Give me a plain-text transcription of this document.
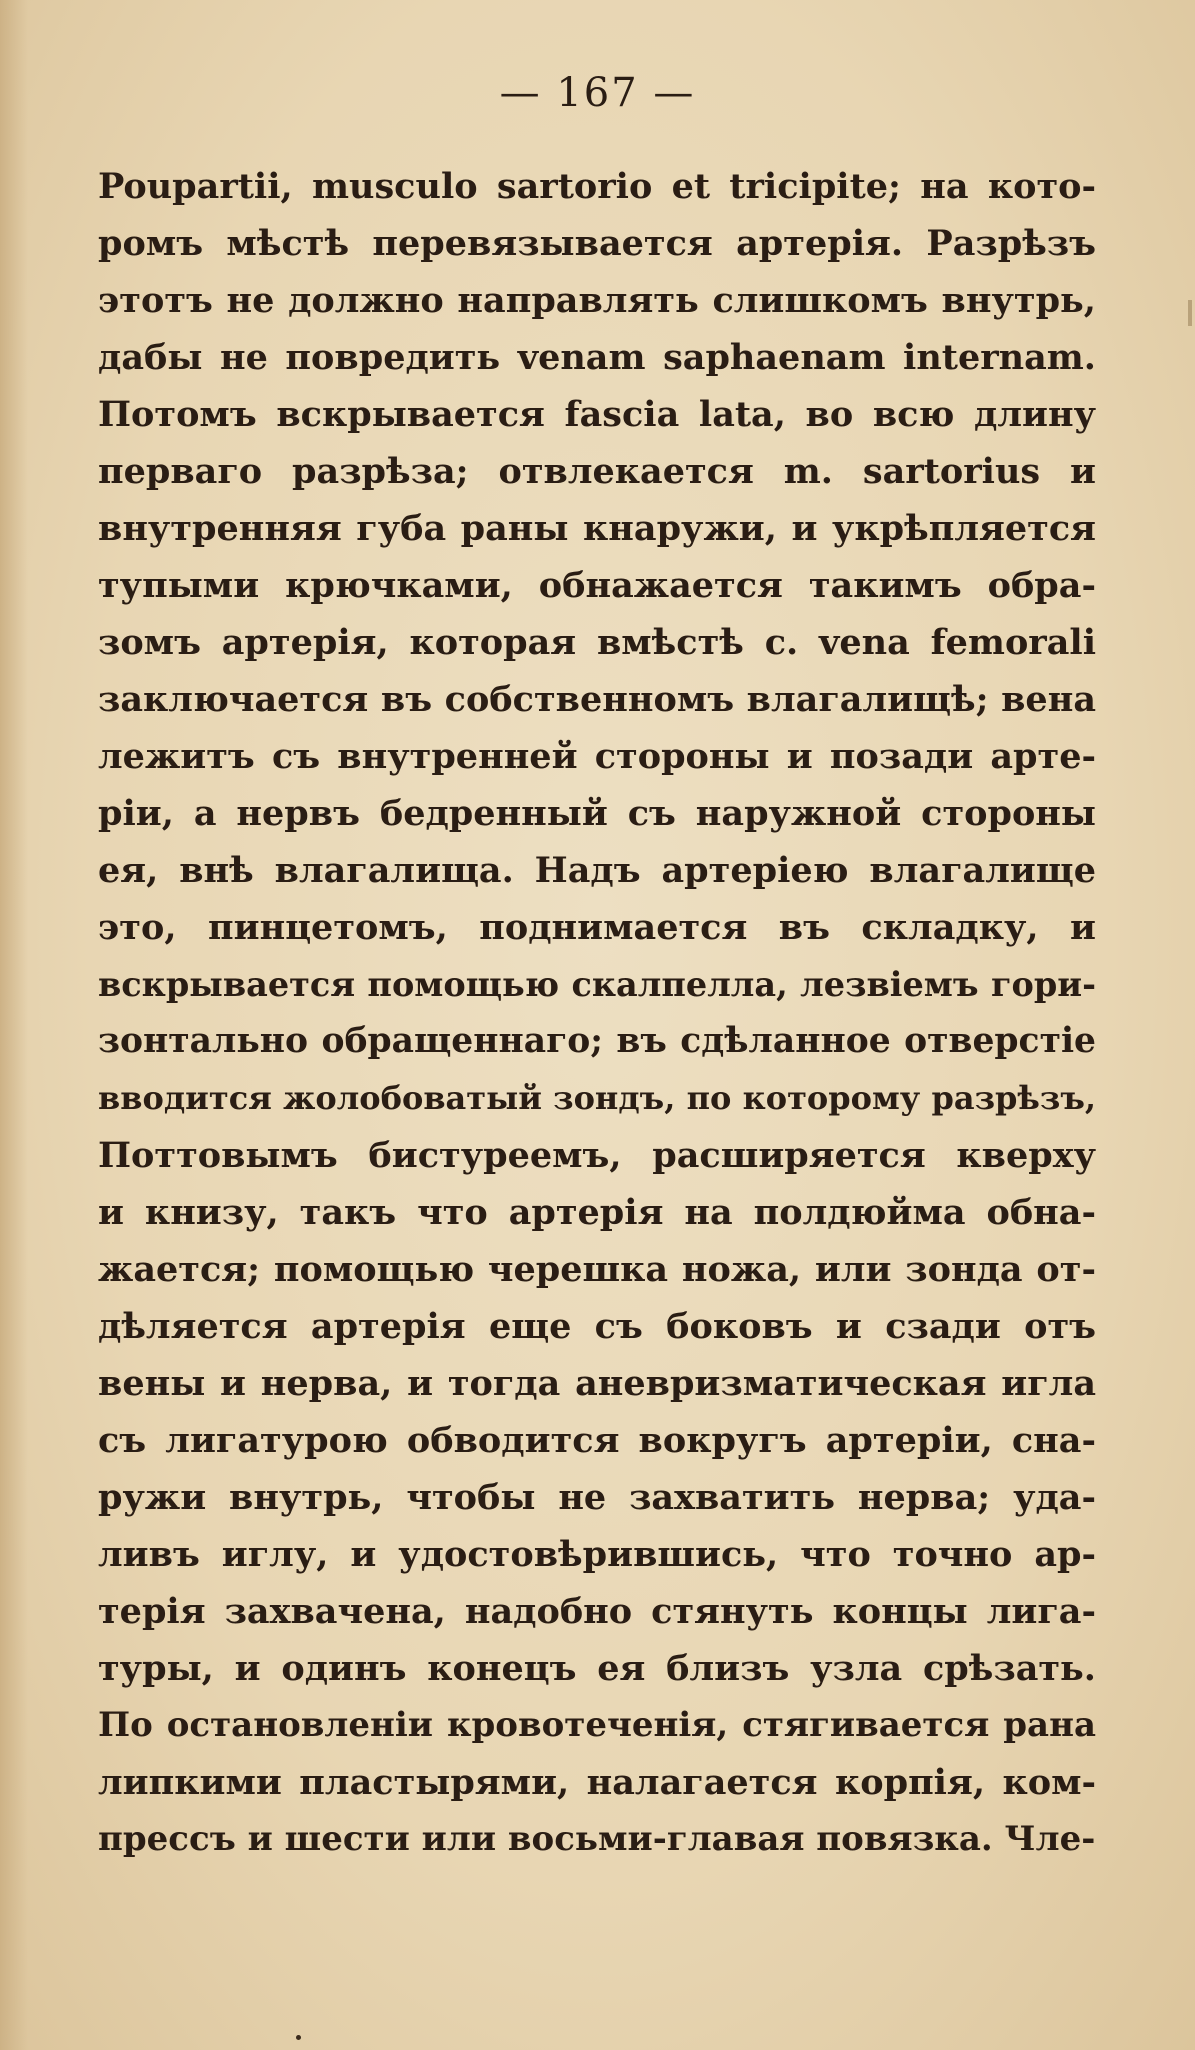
— 167 —
Poupartii, musculo sartorio et tricipite; на кото-
ромъ мѣстѣ перевязывается артерія. Разрѣзъ
этотъ не должно направлять слишкомъ внутрь,
дабы не повредить venam saphaenam internam.
Потомъ вскрывается fascia lata, во всю длину
перваго разрѣза; отвлекается m. sartorius и
внутренняя губа раны кнаружи, и укрѣпляется
тупыми крючками, обнажается такимъ обра-
зомъ артерія, которая вмѣстѣ с. vena femorali
заключается въ собственномъ влагалищѣ; вена
лежитъ съ внутренней стороны и позади арте-
ріи, а нервъ бедренный съ наружной стороны
ея, внѣ влагалища. Надъ артеріею влагалище
это, пинцетомъ, поднимается въ складку, и
вскрывается помощью скалпелла, лезвіемъ гори-
зонтально обращеннаго; въ сдѣланное отверстіе
вводится жолобоватый зондъ, по которому разрѣзъ,
Поттовымъ бистуреемъ, расширяется кверху
и книзу, такъ что артерія на полдюйма обна-
жается; помощью черешка ножа, или зонда от-
дѣляется артерія еще съ боковъ и сзади отъ
вены и нерва, и тогда аневризматическая игла
съ лигатурою обводится вокругъ артеріи, сна-
ружи внутрь, чтобы не захватить нерва; уда-
ливъ иглу, и удостовѣрившись, что точно ар-
терія захвачена, надобно стянуть концы лига-
туры, и одинъ конецъ ея близъ узла срѣзать.
По остановленіи кровотеченія, стягивается рана
липкими пластырями, налагается корпія, ком-
прессъ и шести или восьми-главая повязка. Чле-
